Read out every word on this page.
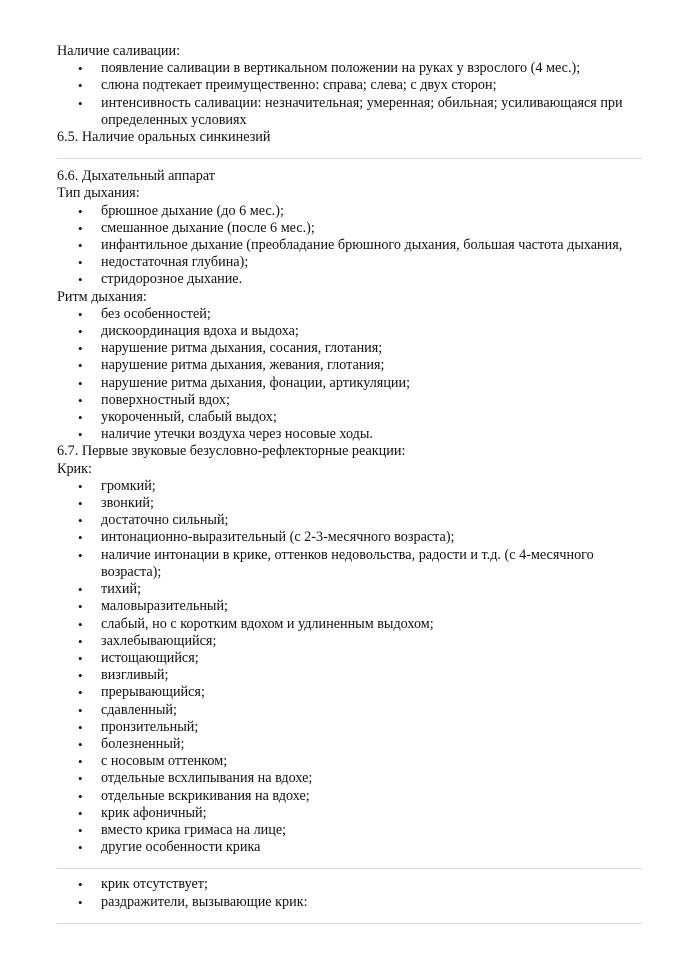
Наличие саливации:

• появление саливации в вертикальном положении на руках у взрослого (4 мес.);
• слюна подтекает преимущественно: справа; слева; с двух сторон;
• интенсивность саливации: незначительная; умеренная; обильная; усиливающаяся при определенных условиях

6.5. Наличие оральных синкинезий

6.6. Дыхательный аппарат

Тип дыхания:

• брюшное дыхание (до 6 мес.);
• смешанное дыхание (после 6 мес.);
• инфантильное дыхание (преобладание брюшного дыхания, большая частота дыхания,
• недостаточная глубина);
• стридорозное дыхание.

Ритм дыхания:

• без особенностей;
• дискоординация вдоха и выдоха;
• нарушение ритма дыхания, сосания, глотания;
• нарушение ритма дыхания, жевания, глотания;
• нарушение ритма дыхания, фонации, артикуляции;
• поверхностный вдох;
• укороченный, слабый выдох;
• наличие утечки воздуха через носовые ходы.

6.7. Первые звуковые безусловно-рефлекторные реакции:

Крик:

• громкий;
• звонкий;
• достаточно сильный;
• интонационно-выразительный (с 2-3-месячного возраста);
• наличие интонации в крике, оттенков недовольства, радости и т.д. (с 4-месячного возраста);
• тихий;
• маловыразительный;
• слабый, но с коротким вдохом и удлиненным выдохом;
• захлебывающийся;
• истощающийся;
• визгливый;
• прерывающийся;
• сдавленный;
• пронзительный;
• болезненный;
• с носовым оттенком;
• отдельные всхлипывания на вдохе;
• отдельные вскрикивания на вдохе;
• крик афоничный;
• вместо крика гримаса на лице;
• другие особенности крика
• крик отсутствует;
• раздражители, вызывающие крик:
